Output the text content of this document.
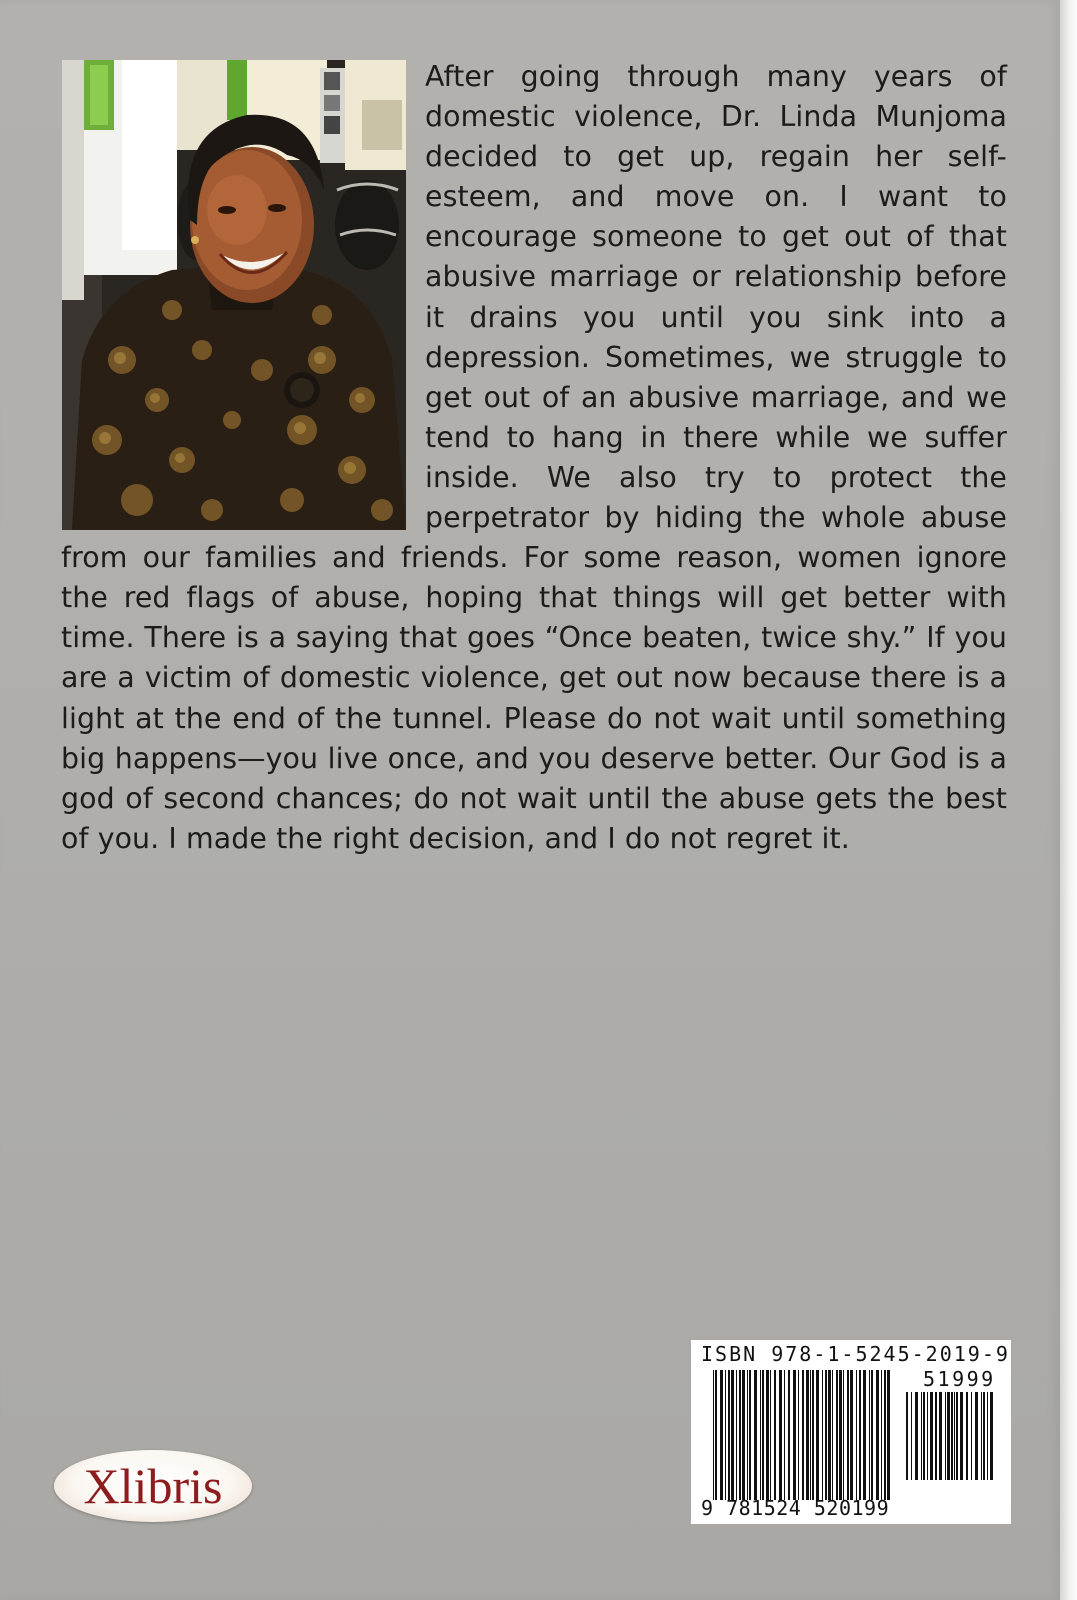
After going through many years of domestic violence, Dr. Linda Munjoma decided to get up, regain her self-esteem, and move on. I want to encourage someone to get out of that abusive marriage or relationship before it drains you until you sink into a depression. Sometimes, we struggle to get out of an abusive marriage, and we tend to hang in there while we suffer inside. We also try to protect the perpetrator by hiding the whole abuse from our families and friends. For some reason, women ignore the red flags of abuse, hoping that things will get better with time. There is a saying that goes “Once beaten, twice shy.” If you are a victim of domestic violence, get out now because there is a light at the end of the tunnel. Please do not wait until something big happens—you live once, and you deserve better. Our God is a god of second chances; do not wait until the abuse gets the best of you. I made the right decision, and I do not regret it.

ISBN 978-1-5245-2019-9
51999
9 781524 520199
Xlibris
